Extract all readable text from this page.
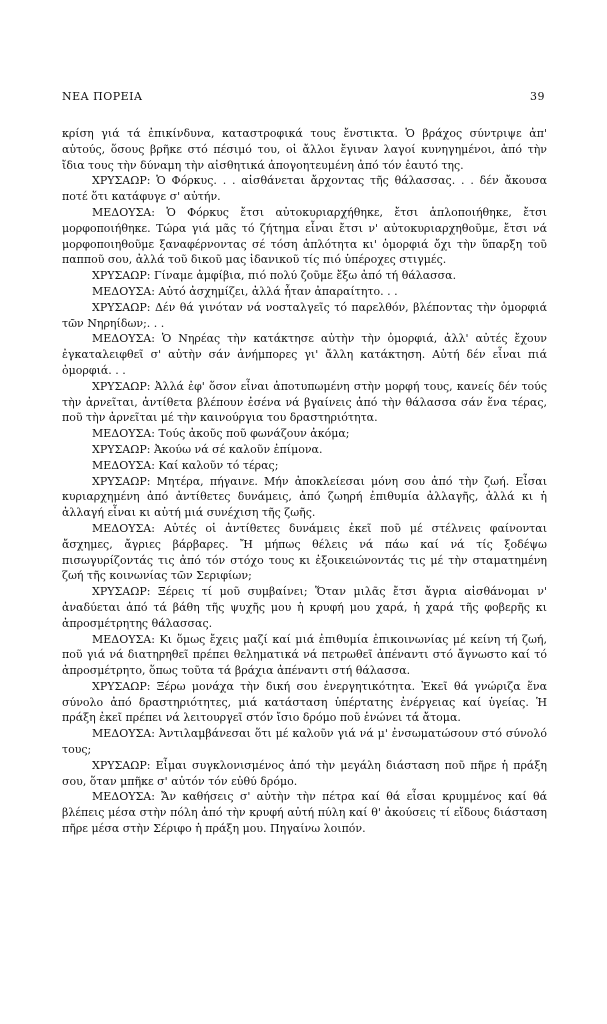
ΝΕΑ ΠΟΡΕΙΑ	39

κρίση γιά τά ἐπικίνδυνα, καταστροφικά τους ἔνστικτα. Ὁ βράχος σύντριψε ἀπ' αὐτούς, ὅσους βρῆκε στό πέσιμό του, οἱ ἄλλοι ἔγιναν λαγοί κυνηγημένοι, ἀπό τὴν ἴδια τους τὴν δύναμη τὴν αἰσθητικά ἀπογοητευμένη ἀπό τόν ἑαυτό της.

ΧΡΥΣΑΩΡ: Ὁ Φόρκυς. . . αἰσθάνεται ἄρχοντας τῆς θάλασσας. . . δέν ἄκουσα ποτέ ὅτι κατάφυγε σ' αὐτήν.

ΜΕΔΟΥΣΑ: Ὁ Φόρκυς ἔτσι αὐτοκυριαρχήθηκε, ἔτσι ἁπλοποιήθηκε, ἔτσι μορφοποιήθηκε. Τώρα γιά μᾶς τό ζήτημα εἶναι ἔτσι ν' αὐτοκυριαρχηθοῦμε, ἔτσι νά μορφοποιηθοῦμε ξαναφέρνοντας σέ τόση ἁπλότητα κι' ὁμορφιά ὄχι τὴν ὕπαρξη τοῦ παπποῦ σου, ἀλλά τοῦ δικοῦ μας ἰδανικοῦ τίς πιό ὑπέροχες στιγμές.

ΧΡΥΣΑΩΡ: Γίναμε ἀμφίβια, πιό πολύ ζοῦμε ἔξω ἀπό τή θάλασσα.

ΜΕΔΟΥΣΑ: Αὐτό ἀσχημίζει, ἀλλά ἦταν ἀπαραίτητο. . .

ΧΡΥΣΑΩΡ: Δέν θά γινόταν νά νοσταλγεῖς τό παρελθόν, βλέποντας τὴν ὀμορφιά τῶν Νηρηίδων;. . .

ΜΕΔΟΥΣΑ: Ὁ Νηρέας τὴν κατάκτησε αὐτὴν τὴν ὀμορφιά, ἀλλ' αὐτές ἔχουν ἐγκαταλειφθεῖ σ' αὐτὴν σάν ἀνήμπορες γι' ἄλλη κατάκτηση. Αὐτή δέν εἶναι πιά ὀμορφιά. . .

ΧΡΥΣΑΩΡ: Ἀλλά ἐφ' ὅσον εἶναι ἀποτυπωμένη στὴν μορφή τους, κανείς δέν τούς τὴν ἀρνεῖται, ἀντίθετα βλέπουν ἐσένα νά βγαίνεις ἀπό τὴν θάλασσα σάν ἕνα τέρας, ποῦ τὴν ἀρνεῖται μέ τὴν καινούργια του δραστηριότητα.

ΜΕΔΟΥΣΑ: Τούς ἀκοῦς ποῦ φωνάζουν ἀκόμα;

ΧΡΥΣΑΩΡ: Ἀκούω νά σέ καλοῦν ἐπίμονα.

ΜΕΔΟΥΣΑ: Καί καλοῦν τό τέρας;

ΧΡΥΣΑΩΡ: Μητέρα, πήγαινε. Μήν ἀποκλείεσαι μόνη σου ἀπό τὴν ζωή. Εἶσαι κυριαρχημένη ἀπό ἀντίθετες δυνάμεις, ἀπό ζωηρή ἐπιθυμία ἀλλαγῆς, ἀλλά κι ἡ ἀλλαγή εἶναι κι αὐτή μιά συνέχιση τῆς ζωῆς.

ΜΕΔΟΥΣΑ: Αὐτές οἱ ἀντίθετες δυνάμεις ἐκεῖ ποῦ μέ στέλνεις φαίνονται ἄσχημες, ἄγριες βάρβαρες. Ἤ μήπως θέλεις νά πάω καί νά τίς ξοδέψω πισωγυρίζοντάς τις ἀπό τόν στόχο τους κι ἐξοικειώνοντάς τις μέ τὴν σταματημένη ζωή τῆς κοινωνίας τῶν Σεριφίων;

ΧΡΥΣΑΩΡ: Ξέρεις τί μοῦ συμβαίνει; Ὅταν μιλᾶς ἔτσι ἄγρια αἰσθάνομαι ν' ἀναδύεται ἀπό τά βάθη τῆς ψυχῆς μου ἡ κρυφή μου χαρά, ἡ χαρά τῆς φοβερῆς κι ἀπροσμέτρητης θάλασσας.

ΜΕΔΟΥΣΑ: Κι ὅμως ἔχεις μαζί καί μιά ἐπιθυμία ἐπικοινωνίας μέ κείνη τή ζωή, ποῦ γιά νά διατηρηθεῖ πρέπει θεληματικά νά πετρωθεῖ ἀπέναντι στό ἄγνωστο καί τό ἀπροσμέτρητο, ὅπως τοῦτα τά βράχια ἀπέναντι στή θάλασσα.

ΧΡΥΣΑΩΡ: Ξέρω μονάχα τὴν δική σου ἐνεργητικότητα. Ἐκεῖ θά γνώριζα ἕνα σύνολο ἀπό δραστηριότητες, μιά κατάσταση ὑπέρτατης ἐνέργειας καί ὑγείας. Ἡ πράξη ἐκεῖ πρέπει νά λειτουργεῖ στόν ἴσιο δρόμο ποῦ ἑνώνει τά ἄτομα.

ΜΕΔΟΥΣΑ: Ἀντιλαμβάνεσαι ὅτι μέ καλοῦν γιά νά μ' ἐνσωματώσουν στό σύνολό τους;

ΧΡΥΣΑΩΡ: Εἶμαι συγκλονισμένος ἀπό τὴν μεγάλη διάσταση ποῦ πῆρε ἡ πράξη σου, ὅταν μπῆκε σ' αὐτόν τόν εὐθύ δρόμο.

ΜΕΔΟΥΣΑ: Ἄν καθήσεις σ' αὐτὴν τὴν πέτρα καί θά εἶσαι κρυμμένος καί θά βλέπεις μέσα στὴν πόλη ἀπό τὴν κρυφή αὐτή πύλη καί θ' ἀκούσεις τί εἴδους διάσταση πῆρε μέσα στὴν Σέριφο ἡ πράξη μου. Πηγαίνω λοιπόν.
